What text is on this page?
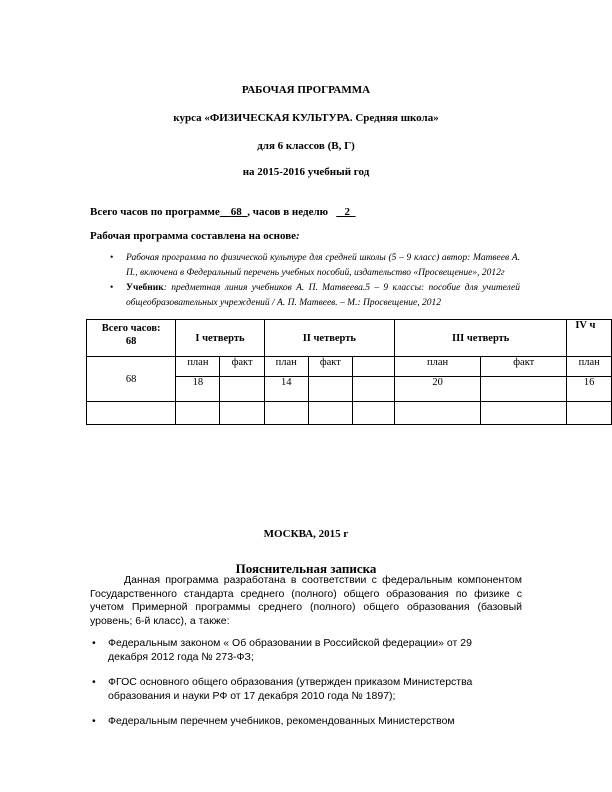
РАБОЧАЯ ПРОГРАММА
курса «ФИЗИЧЕСКАЯ КУЛЬТУРА. Средняя школа»
для 6 классов (В, Г)
на 2015-2016 учебный год
Всего часов по программе 68 , часов в неделю 2
Рабочая программа составлена на основе:
• Рабочая программа по физической культуре для средней школы (5 – 9 класс) автор: Матвеев А. П., включена в Федеральный перечень учебных пособий, издательство «Просвещение», 2012г
• Учебник: предметная линия учебников А. П. Матвеева.5 – 9 классы: пособие для учителей общеобразовательных учреждений / А. П. Матвеев. – М.: Просвещение, 2012
Всего часов:
68	I четверть		II четверть			III четверть		IV ч
68	план	факт	план	факт		план	факт	план
	18		14			20		16

МОСКВА, 2015 г
Пояснительная записка
Данная программа разработана в соответствии с федеральным компонентом Государственного стандарта среднего (полного) общего образования по физике с учетом Примерной программы среднего (полного) общего образования (базовый уровень; 6-й класс), а также:
• Федеральным законом « Об образовании в Российской федерации» от 29 декабря 2012 года № 273-ФЗ;
• ФГОС основного общего образования (утвержден приказом Министерства образования и науки РФ от 17 декабря 2010 года № 1897);
• Федеральным перечнем учебников, рекомендованных Министерством
